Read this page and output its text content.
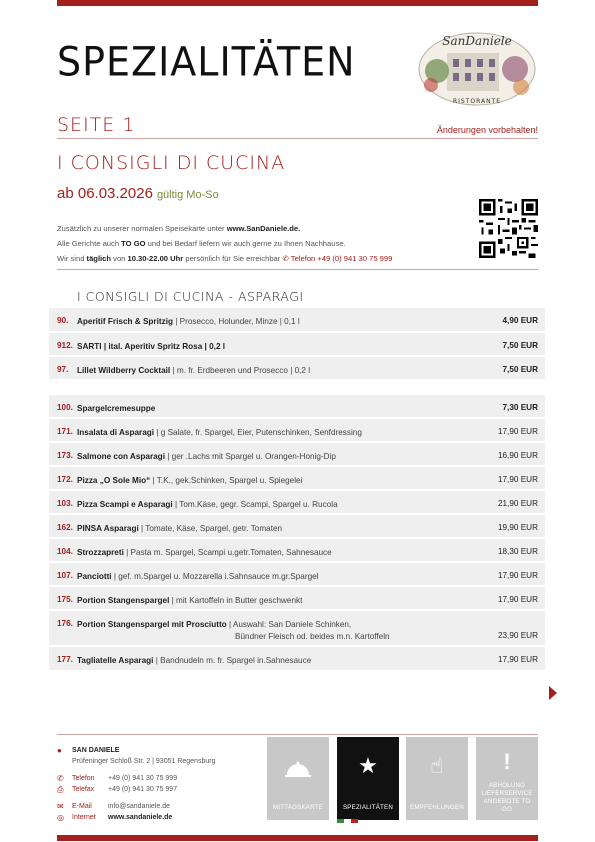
SPEZIALITÄTEN	SanDaniele
RISTORANTE
SEITE 1	Änderungen vorbehalten!
I CONSIGLI DI CUCINA
ab 06.03.2026 gültig Mo-So
Zusätzlich zu unserer normalen Speisekarte unter www.SanDaniele.de.
Alle Gerichte auch TO GO und bei Bedarf liefern wir auch gerne zu Ihnen Nachhause.
Wir sind täglich von 10.30-22.00 Uhr persönlich für Sie erreichbar ✆ Telefon +49 (0) 941 30 75 999
I CONSIGLI DI CUCINA - ASPARAGI
90. Aperitif Frisch & Spritzig | Prosecco, Holunder, Minze | 0,1 l	4,90 EUR
912. SARTI | ital. Aperitiv Spritz Rosa | 0,2 l	7,50 EUR
97. Lillet Wildberry Cocktail | m. fr. Erdbeeren und Prosecco | 0,2 l	7,50 EUR
100. Spargelcremesuppe	7,30 EUR
171. Insalata di Asparagi | g Salate, fr. Spargel, Eier, Putenschinken, Senfdressing	17,90 EUR
173. Salmone con Asparagi | ger .Lachs mit Spargel u. Orangen-Honig-Dip	16,90 EUR
172. Pizza „O Sole Mio“ | T.K., gek.Schinken, Spargel u. Spiegelei	17,90 EUR
103. Pizza Scampi e Asparagi | Tom.Käse, gegr. Scampi, Spargel u. Rucola	21,90 EUR
162. PINSA Asparagi | Tomate, Käse, Spargel, getr. Tomaten	19,90 EUR
104. Strozzapreti | Pasta m. Spargel, Scampi u.getr.Tomaten, Sahnesauce	18,30 EUR
107. Panciotti | gef. m.Spargel u. Mozzarella i.Sahnsauce m.gr.Spargel	17,90 EUR
175. Portion Stangenspargel | mit Kartoffeln in Butter geschwenkt	17,90 EUR
176. Portion Stangenspargel mit Prosciutto | Auswahl: San Daniele Schinken,
Bündner Fleisch od. beides m.n. Kartoffeln	23,90 EUR
177. Tagliatelle Asparagi | Bandnudeln m. fr. Spargel in.Sahnesauce	17,90 EUR
● SAN DANIELE
Prüfeninger Schloß Str. 2 | 93051 Regensburg
✆ Telefon +49 (0) 941 30 75 999
⎙ Telefax +49 (0) 941 30 75 997
✉ E-Mail info@sandaniele.de
◎ Internet www.sandaniele.de
MITTAGSKARTE
★
SPEZIALITÄTEN
☝
EMPFEHLUNGEN
!
ABHOLUNG LIEFERSERVICE ANGEBOTE TO GO
